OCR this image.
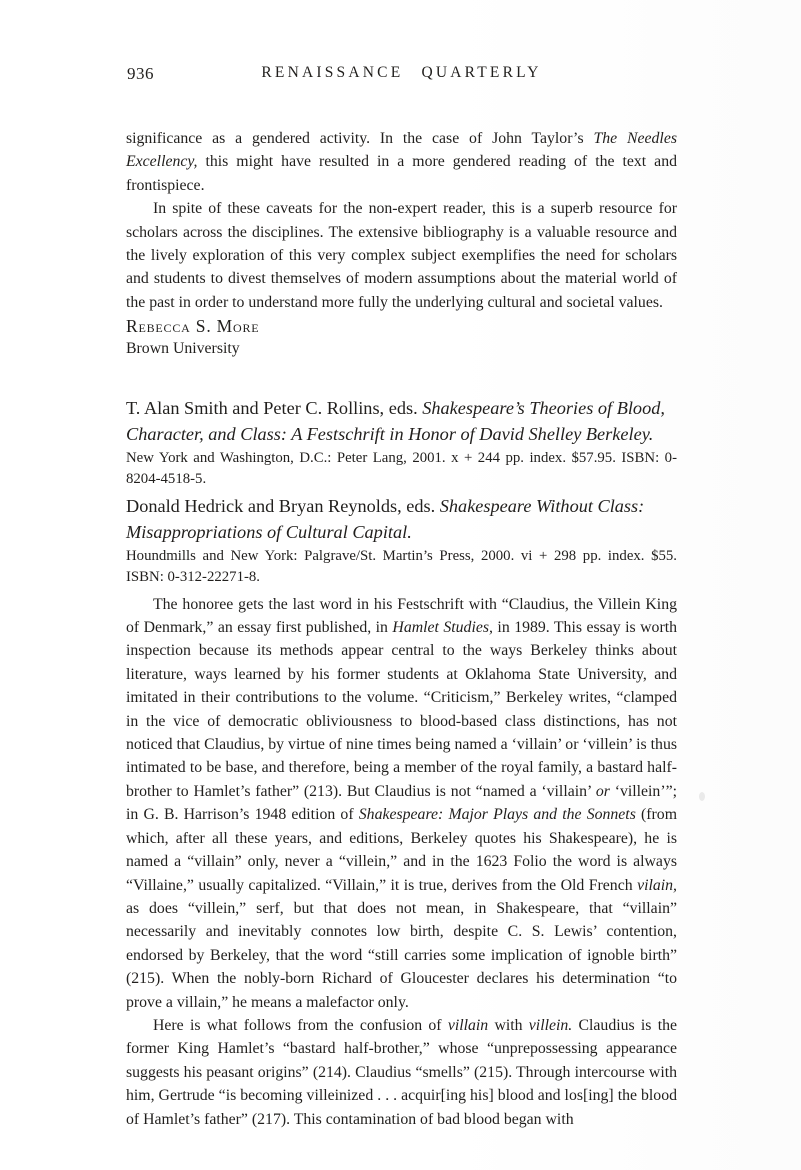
936	RENAISSANCE QUARTERLY

significance as a gendered activity. In the case of John Taylor’s The Needles Excellency, this might have resulted in a more gendered reading of the text and frontispiece.

In spite of these caveats for the non-expert reader, this is a superb resource for scholars across the disciplines. The extensive bibliography is a valuable resource and the lively exploration of this very complex subject exemplifies the need for scholars and students to divest themselves of modern assumptions about the material world of the past in order to understand more fully the underlying cultural and societal values.

Rebecca S. More
Brown University

T. Alan Smith and Peter C. Rollins, eds. Shakespeare’s Theories of Blood, Character, and Class: A Festschrift in Honor of David Shelley Berkeley.

New York and Washington, D.C.: Peter Lang, 2001. x + 244 pp. index. $57.95. ISBN: 0-8204-4518-5.

Donald Hedrick and Bryan Reynolds, eds. Shakespeare Without Class: Misappropriations of Cultural Capital.

Houndmills and New York: Palgrave/St. Martin’s Press, 2000. vi + 298 pp. index. $55. ISBN: 0-312-22271-8.

The honoree gets the last word in his Festschrift with “Claudius, the Villein King of Denmark,” an essay first published, in Hamlet Studies, in 1989. This essay is worth inspection because its methods appear central to the ways Berkeley thinks about literature, ways learned by his former students at Oklahoma State University, and imitated in their contributions to the volume. “Criticism,” Berkeley writes, “clamped in the vice of democratic obliviousness to blood-based class distinctions, has not noticed that Claudius, by virtue of nine times being named a ‘villain’ or ‘villein’ is thus intimated to be base, and therefore, being a member of the royal family, a bastard half-brother to Hamlet’s father” (213). But Claudius is not “named a ‘villain’ or ‘villein’”; in G. B. Harrison’s 1948 edition of Shakespeare: Major Plays and the Sonnets (from which, after all these years, and editions, Berkeley quotes his Shakespeare), he is named a “villain” only, never a “villein,” and in the 1623 Folio the word is always “Villaine,” usually capitalized. “Villain,” it is true, derives from the Old French vilain, as does “villein,” serf, but that does not mean, in Shakespeare, that “villain” necessarily and inevitably connotes low birth, despite C. S. Lewis’ contention, endorsed by Berkeley, that the word “still carries some implication of ignoble birth” (215). When the nobly-born Richard of Gloucester declares his determination “to prove a villain,” he means a malefactor only.

Here is what follows from the confusion of villain with villein. Claudius is the former King Hamlet’s “bastard half-brother,” whose “unprepossessing appearance suggests his peasant origins” (214). Claudius “smells” (215). Through intercourse with him, Gertrude “is becoming villeinized . . . acquir[ing his] blood and los[ing] the blood of Hamlet’s father” (217). This contamination of bad blood began with
